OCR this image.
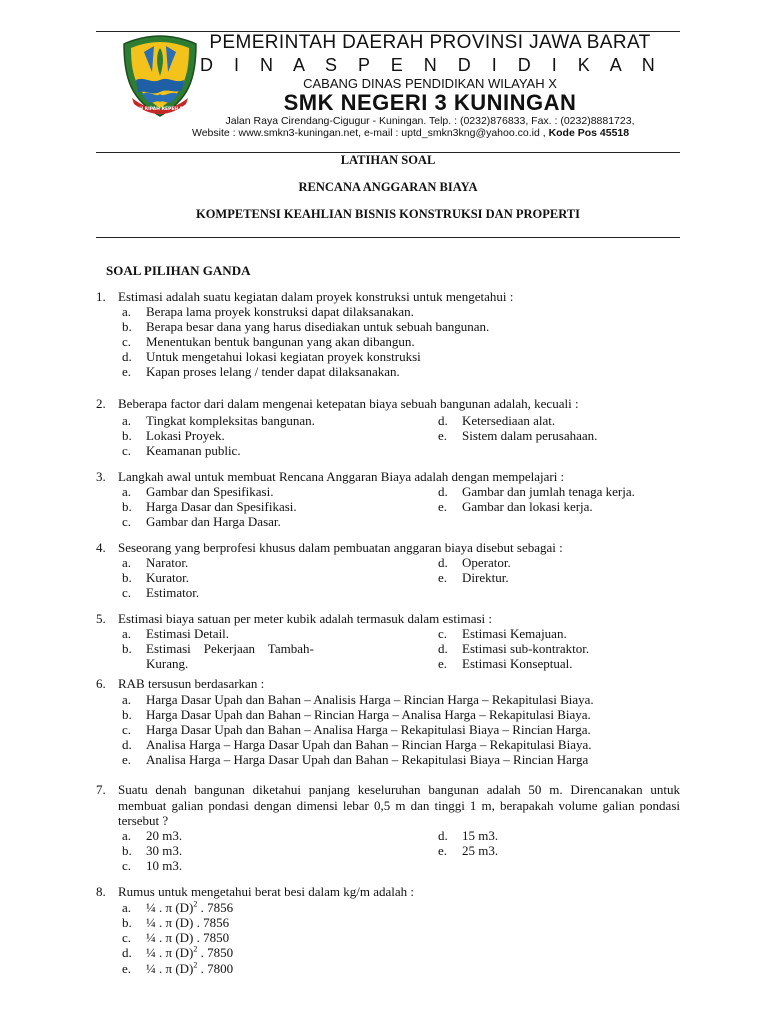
GEMAH RIPAH REPEH RAPIH
PEMERINTAH DAERAH PROVINSI JAWA BARAT
D I N A S P E N D I D I K A N
CABANG DINAS PENDIDIKAN WILAYAH X
SMK NEGERI 3 KUNINGAN
Jalan Raya Cirendang-Cigugur - Kuningan. Telp. : (0232)876833, Fax. : (0232)8881723,
Website : www.smkn3-kuningan.net, e-mail : uptd_smkn3kng@yahoo.co.id , Kode Pos 45518
LATIHAN SOAL
RENCANA ANGGARAN BIAYA
KOMPETENSI KEAHLIAN BISNIS KONSTRUKSI DAN PROPERTI
SOAL PILIHAN GANDA
1. Estimasi adalah suatu kegiatan dalam proyek konstruksi untuk mengetahui :
a. Berapa lama proyek konstruksi dapat dilaksanakan.
b. Berapa besar dana yang harus disediakan untuk sebuah bangunan.
c. Menentukan bentuk bangunan yang akan dibangun.
d. Untuk mengetahui lokasi kegiatan proyek konstruksi
e. Kapan proses lelang / tender dapat dilaksanakan.
2. Beberapa factor dari dalam mengenai ketepatan biaya sebuah bangunan adalah, kecuali :
a. Tingkat kompleksitas bangunan.
b. Lokasi Proyek.
c. Keamanan public.
d. Ketersediaan alat.
e. Sistem dalam perusahaan.
3. Langkah awal untuk membuat Rencana Anggaran Biaya adalah dengan mempelajari :
a. Gambar dan Spesifikasi.
b. Harga Dasar dan Spesifikasi.
c. Gambar dan Harga Dasar.
d. Gambar dan jumlah tenaga kerja.
e. Gambar dan lokasi kerja.
4. Seseorang yang berprofesi khusus dalam pembuatan anggaran biaya disebut sebagai :
a. Narator.
b. Kurator.
c. Estimator.
d. Operator.
e. Direktur.
5. Estimasi biaya satuan per meter kubik adalah termasuk dalam estimasi :
a. Estimasi Detail.
b. Estimasi    Pekerjaan    Tambah-
Kurang.
c. Estimasi Kemajuan.
d. Estimasi sub-kontraktor.
e. Estimasi Konseptual.
6. RAB tersusun berdasarkan :
a. Harga Dasar Upah dan Bahan – Analisis Harga – Rincian Harga – Rekapitulasi Biaya.
b. Harga Dasar Upah dan Bahan – Rincian Harga – Analisa Harga – Rekapitulasi Biaya.
c. Harga Dasar Upah dan Bahan – Analisa Harga – Rekapitulasi Biaya – Rincian Harga.
d. Analisa Harga – Harga Dasar Upah dan Bahan – Rincian Harga – Rekapitulasi Biaya.
e. Analisa Harga – Harga Dasar Upah dan Bahan – Rekapitulasi Biaya – Rincian Harga
7. Suatu denah bangunan diketahui panjang keseluruhan bangunan adalah 50 m. Direncanakan untuk membuat galian pondasi dengan dimensi lebar 0,5 m dan tinggi 1 m, berapakah volume galian pondasi tersebut ?
a. 20 m3.
b. 30 m3.
c. 10 m3.
d. 15 m3.
e. 25 m3.
8. Rumus untuk mengetahui berat besi dalam kg/m adalah :
a. ¼ . π $(D)^2$ . 7856
b. ¼ . π (D) . 7856
c. ¼ . π (D) . 7850
d. ¼ . π $(D)^2$ . 7850
e. ¼ . π $(D)^2$ . 7800
